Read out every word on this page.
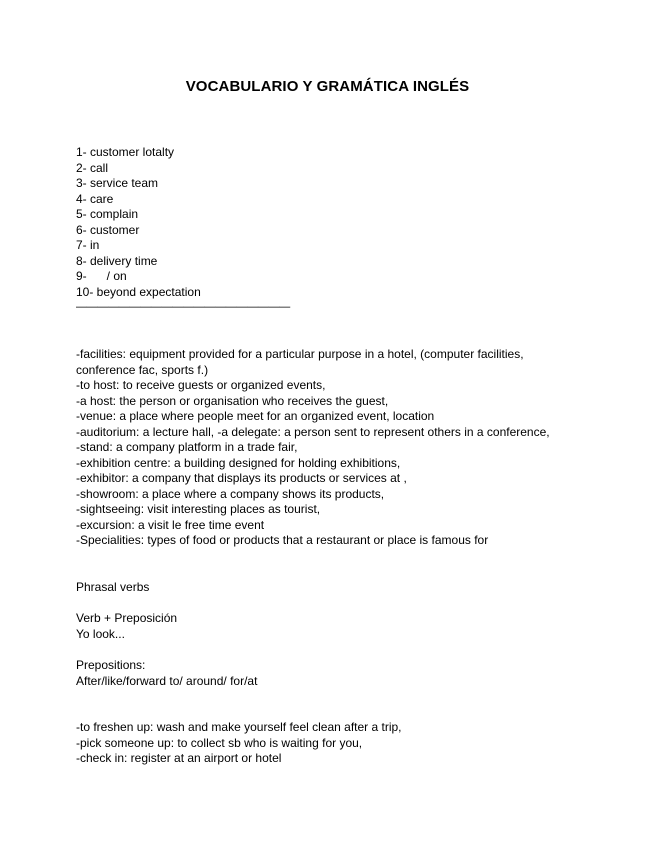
VOCABULARIO Y GRAMÁTICA INGLÉS
1- customer lotalty
2- call
3- service team
4- care
5- complain
6- customer
7- in
8- delivery time
9-      / on
10- beyond expectation
————————————————————
-facilities: equipment provided for a particular purpose in a hotel, (computer facilities, conference fac, sports f.)
-to host: to receive guests or organized events,
-a host: the person or organisation who receives the guest,
-venue: a place where people meet for an organized event, location
-auditorium: a lecture hall, -a delegate: a person sent to represent others in a conference,
-stand: a company platform in a trade fair,
-exhibition centre: a building designed for holding exhibitions,
-exhibitor: a company that displays its products or services at ,
-showroom: a place where a company shows its products,
-sightseeing: visit interesting places as tourist,
-excursion: a visit le free time event
-Specialities: types of food or products that a restaurant or place is famous for
Phrasal verbs
Verb + Preposición
Yo look...
Prepositions:
After/like/forward to/ around/ for/at
-to freshen up: wash and make yourself feel clean after a trip,
-pick someone up: to collect sb who is waiting for you,
-check in: register at an airport or hotel
